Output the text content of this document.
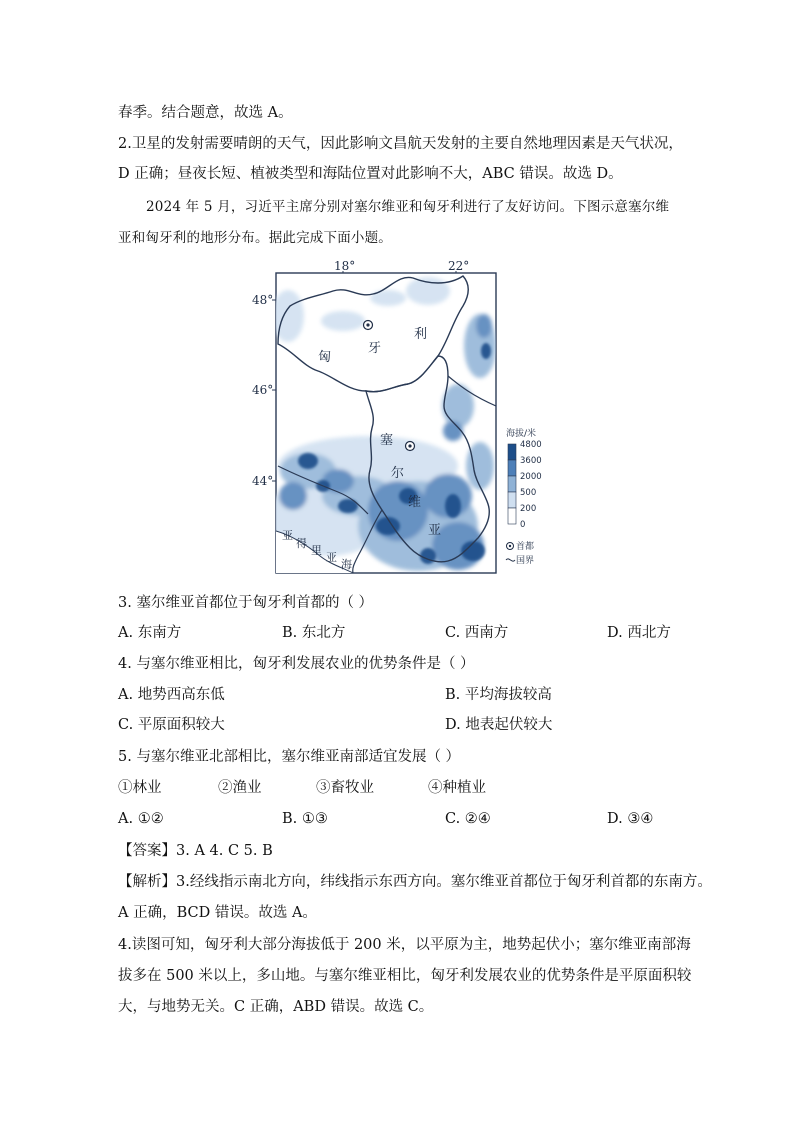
春季。结合题意，故选 A。
2.卫星的发射需要晴朗的天气，因此影响文昌航天发射的主要自然地理因素是天气状况，
D 正确；昼夜长短、植被类型和海陆位置对此影响不大，ABC 错误。故选 D。
2024 年 5 月，习近平主席分别对塞尔维亚和匈牙利进行了友好访问。下图示意塞尔维
亚和匈牙利的地形分布。据此完成下面小题。
18°	22°
48°
46°
44°
匈
牙
利
塞
尔
维
亚
亚
得
里
亚
海
海拔/米
4800
3600
2000
500
200
0
首都
国界
3. 塞尔维亚首都位于匈牙利首都的（ ）
A. 东南方	B. 东北方	C. 西南方	D. 西北方
4. 与塞尔维亚相比，匈牙利发展农业的优势条件是（ ）
A. 地势西高东低	B. 平均海拔较高
C. 平原面积较大	D. 地表起伏较大
5. 与塞尔维亚北部相比，塞尔维亚南部适宜发展（ ）
①林业	②渔业	③畜牧业	④种植业
A. ①②	B. ①③	C. ②④	D. ③④
【答案】3. A 4. C 5. B
【解析】3.经线指示南北方向，纬线指示东西方向。塞尔维亚首都位于匈牙利首都的东南方。
A 正确，BCD 错误。故选 A。
4.读图可知，匈牙利大部分海拔低于 200 米，以平原为主，地势起伏小；塞尔维亚南部海
拔多在 500 米以上，多山地。与塞尔维亚相比，匈牙利发展农业的优势条件是平原面积较
大，与地势无关。C 正确，ABD 错误。故选 C。
